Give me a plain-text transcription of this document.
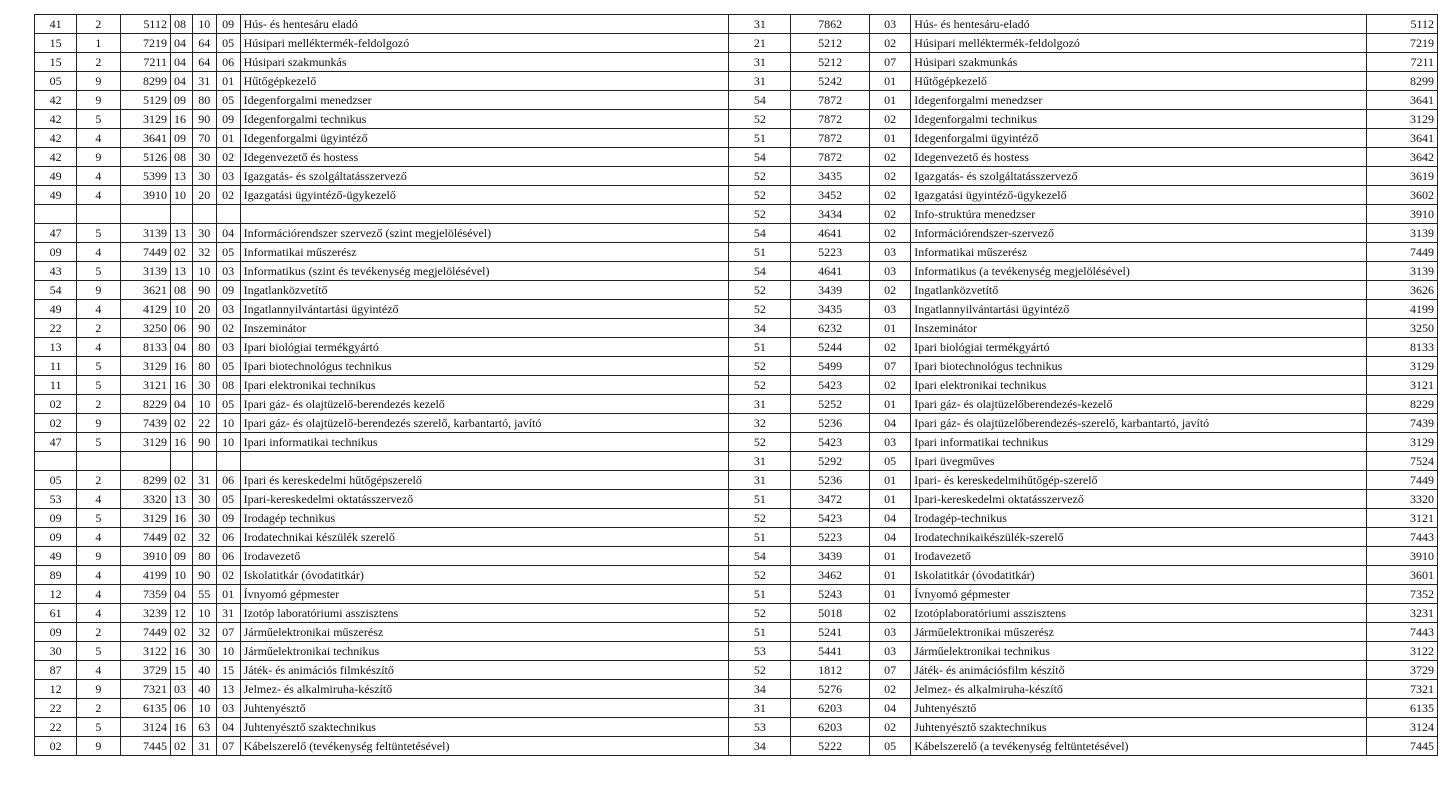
41	2	5112	08	10	09	Hús- és hentesáru eladó	31	7862	03	Hús- és hentesáru-eladó	5112
15	1	7219	04	64	05	Húsipari melléktermék-feldolgozó	21	5212	02	Húsipari melléktermék-feldolgozó	7219
15	2	7211	04	64	06	Húsipari szakmunkás	31	5212	07	Húsipari szakmunkás	7211
05	9	8299	04	31	01	Hűtőgépkezelő	31	5242	01	Hűtőgépkezelő	8299
42	9	5129	09	80	05	Idegenforgalmi menedzser	54	7872	01	Idegenforgalmi menedzser	3641
42	5	3129	16	90	09	Idegenforgalmi technikus	52	7872	02	Idegenforgalmi technikus	3129
42	4	3641	09	70	01	Idegenforgalmi ügyintéző	51	7872	01	Idegenforgalmi ügyintéző	3641
42	9	5126	08	30	02	Idegenvezető és hostess	54	7872	02	Idegenvezető és hostess	3642
49	4	5399	13	30	03	Igazgatás- és szolgáltatásszervező	52	3435	02	Igazgatás- és szolgáltatásszervező	3619
49	4	3910	10	20	02	Igazgatási ügyintéző-ügykezelő	52	3452	02	Igazgatási ügyintéző-ügykezelő	3602
							52	3434	02	Info-struktúra menedzser	3910
47	5	3139	13	30	04	Információrendszer szervező (szint megjelölésével)	54	4641	02	Információrendszer-szervező	3139
09	4	7449	02	32	05	Informatikai műszerész	51	5223	03	Informatikai műszerész	7449
43	5	3139	13	10	03	Informatikus (szint és tevékenység megjelölésével)	54	4641	03	Informatikus (a tevékenység megjelölésével)	3139
54	9	3621	08	90	09	Ingatlanközvetítő	52	3439	02	Ingatlanközvetítő	3626
49	4	4129	10	20	03	Ingatlannyilvántartási ügyintéző	52	3435	03	Ingatlannyilvántartási ügyintéző	4199
22	2	3250	06	90	02	Inszeminátor	34	6232	01	Inszeminátor	3250
13	4	8133	04	80	03	Ipari biológiai termékgyártó	51	5244	02	Ipari biológiai termékgyártó	8133
11	5	3129	16	80	05	Ipari biotechnológus technikus	52	5499	07	Ipari biotechnológus technikus	3129
11	5	3121	16	30	08	Ipari elektronikai technikus	52	5423	02	Ipari elektronikai technikus	3121
02	2	8229	04	10	05	Ipari gáz- és olajtüzelő-berendezés kezelő	31	5252	01	Ipari gáz- és olajtüzelőberendezés-kezelő	8229
02	9	7439	02	22	10	Ipari gáz- és olajtüzelő-berendezés szerelő, karbantartó, javító	32	5236	04	Ipari gáz- és olajtüzelőberendezés-szerelő, karbantartó, javító	7439
47	5	3129	16	90	10	Ipari informatikai technikus	52	5423	03	Ipari informatikai technikus	3129
							31	5292	05	Ipari üvegműves	7524
05	2	8299	02	31	06	Ipari és kereskedelmi hűtőgépszerelő	31	5236	01	Ipari- és kereskedelmihűtőgép-szerelő	7449
53	4	3320	13	30	05	Ipari-kereskedelmi oktatásszervező	51	3472	01	Ipari-kereskedelmi oktatásszervező	3320
09	5	3129	16	30	09	Irodagép technikus	52	5423	04	Irodagép-technikus	3121
09	4	7449	02	32	06	Irodatechnikai készülék szerelő	51	5223	04	Irodatechnikaikészülék-szerelő	7443
49	9	3910	09	80	06	Irodavezető	54	3439	01	Irodavezető	3910
89	4	4199	10	90	02	Iskolatitkár (óvodatitkár)	52	3462	01	Iskolatitkár (óvodatitkár)	3601
12	4	7359	04	55	01	Ívnyomó gépmester	51	5243	01	Ívnyomó gépmester	7352
61	4	3239	12	10	31	Izotóp laboratóriumi asszisztens	52	5018	02	Izotóplaboratóriumi asszisztens	3231
09	2	7449	02	32	07	Járműelektronikai műszerész	51	5241	03	Járműelektronikai műszerész	7443
30	5	3122	16	30	10	Járműelektronikai technikus	53	5441	03	Járműelektronikai technikus	3122
87	4	3729	15	40	15	Játék- és animációs filmkészítő	52	1812	07	Játék- és animációsfilm készítő	3729
12	9	7321	03	40	13	Jelmez- és alkalmiruha-készítő	34	5276	02	Jelmez- és alkalmiruha-készítő	7321
22	2	6135	06	10	03	Juhtenyésztő	31	6203	04	Juhtenyésztő	6135
22	5	3124	16	63	04	Juhtenyésztő szaktechnikus	53	6203	02	Juhtenyésztő szaktechnikus	3124
02	9	7445	02	31	07	Kábelszerelő (tevékenység feltüntetésével)	34	5222	05	Kábelszerelő (a tevékenység feltüntetésével)	7445
